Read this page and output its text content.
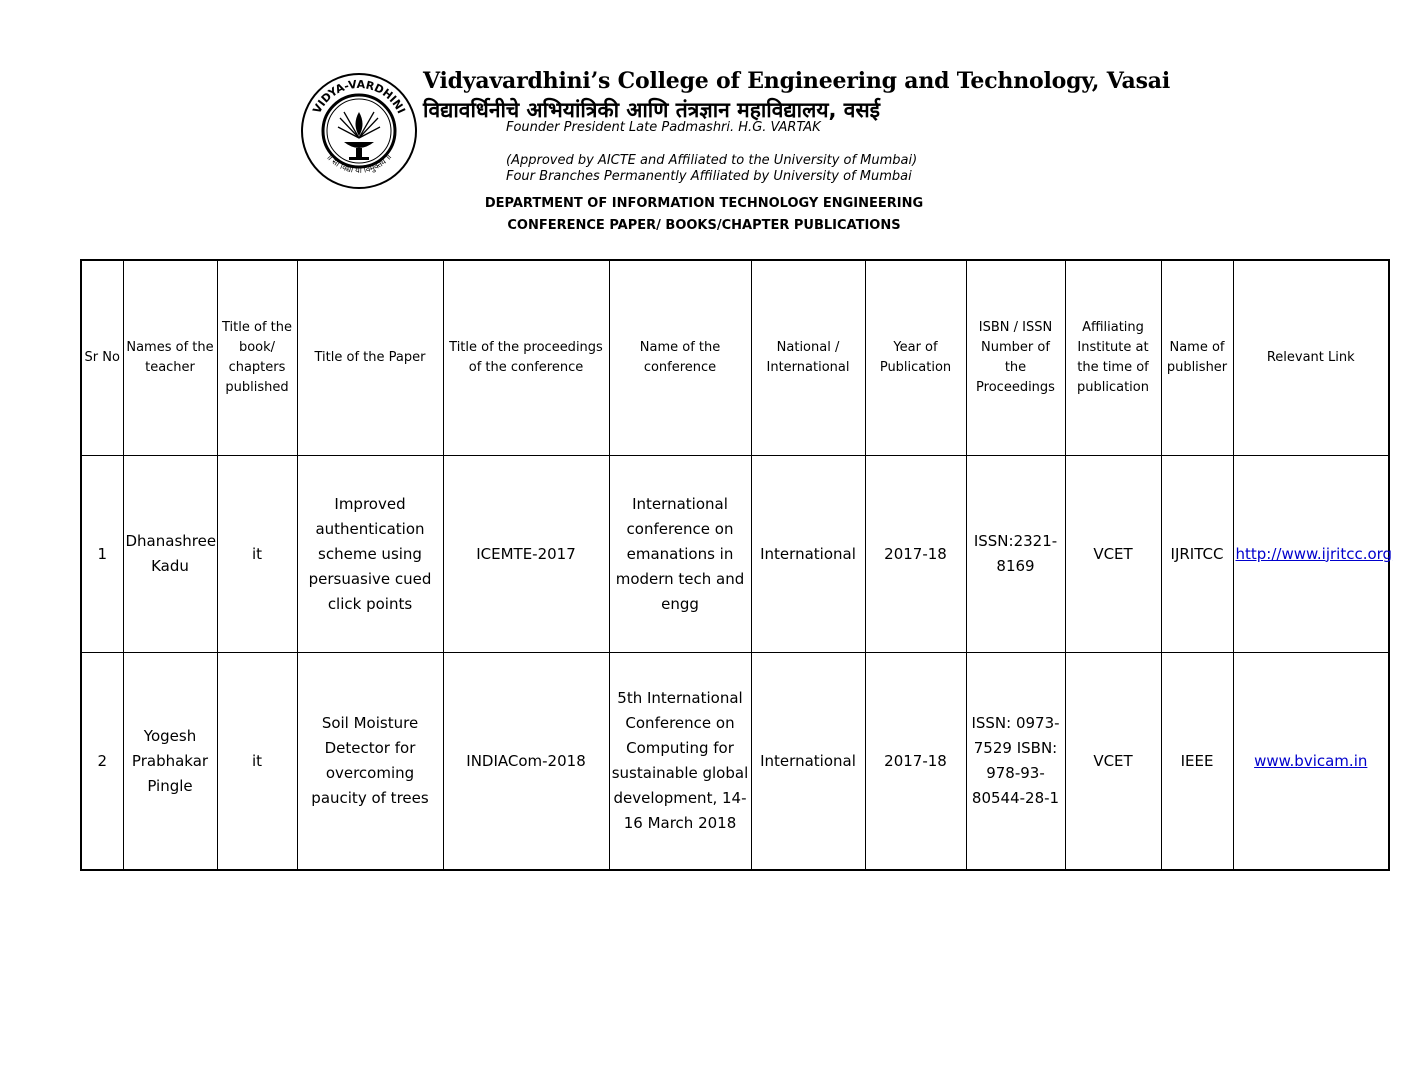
VIDYA-VARDHINI
॥ सा विद्या या विमुक्तये ॥
Vidyavardhini’s College of Engineering and Technology, Vasai
विद्यावर्धिनीचे अभियांत्रिकी आणि तंत्रज्ञान महाविद्यालय, वसई
Founder President Late Padmashri. H.G. VARTAK
(Approved by AICTE and Affiliated to the University of Mumbai)
Four Branches Permanently Affiliated by University of Mumbai
DEPARTMENT OF INFORMATION TECHNOLOGY ENGINEERING
CONFERENCE PAPER/ BOOKS/CHAPTER PUBLICATIONS
Sr No	Names of the teacher	Title of the book/ chapters published	Title of the Paper	Title of the proceedings of the conference	Name of the conference	National / International	Year of Publication	ISBN / ISSN Number of the Proceedings	Affiliating Institute at the time of publication	Name of publisher	Relevant Link
1	Dhanashree Kadu	it	Improved authentication scheme using persuasive cued click points	ICEMTE-2017	International conference on emanations in modern tech and engg	International	2017-18	ISSN:2321-8169	VCET	IJRITCC	http://www.ijritcc.org
2	Yogesh Prabhakar Pingle	it	Soil Moisture Detector for overcoming paucity of trees	INDIACom-2018	5th International Conference on Computing for sustainable global development, 14-16 March 2018	International	2017-18	ISSN: 0973-7529 ISBN: 978-93-80544-28-1	VCET	IEEE	www.bvicam.in
